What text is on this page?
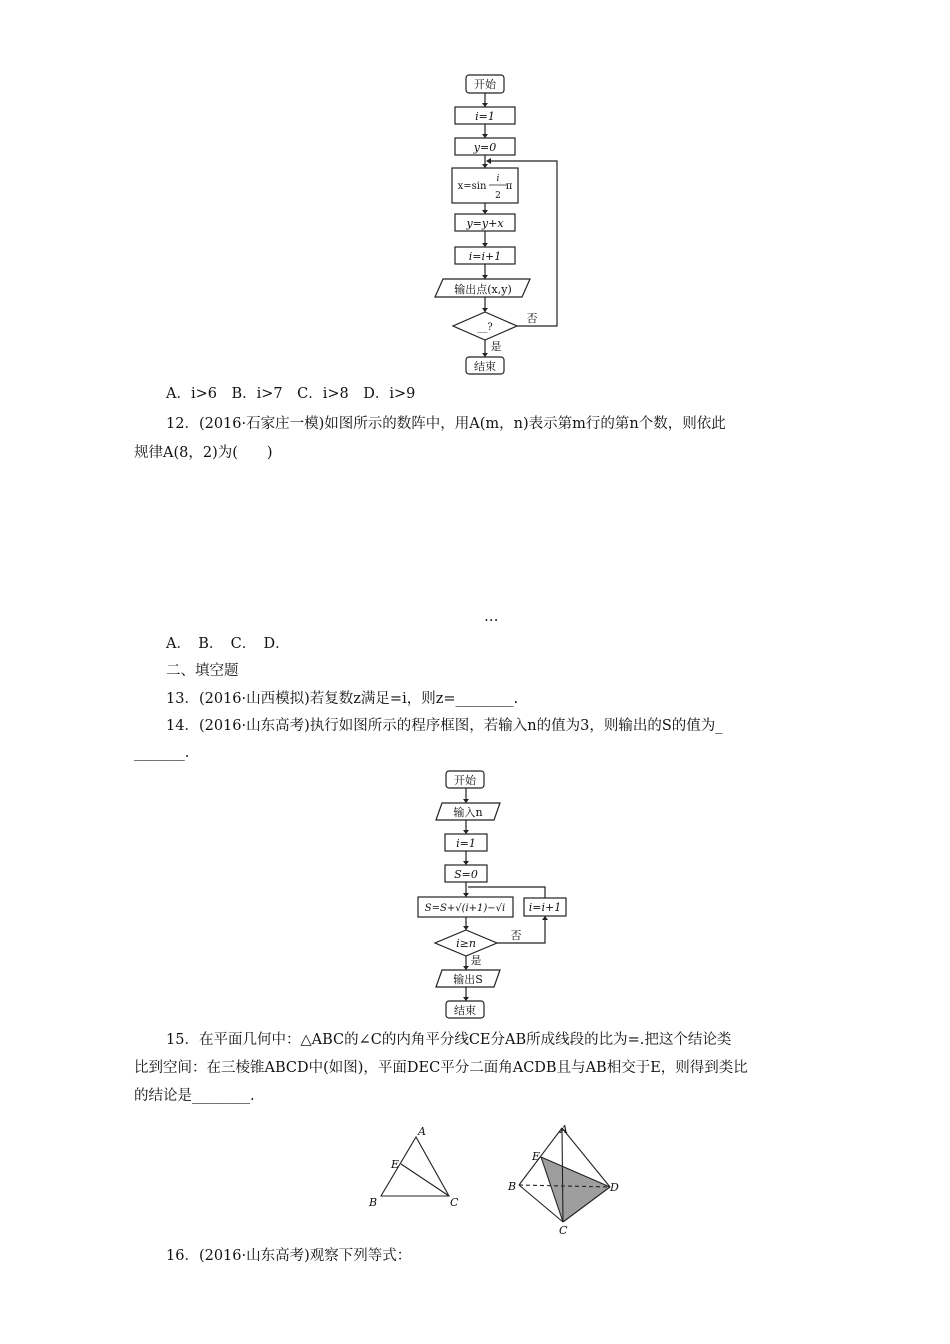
开始
i=1
y=0
x=sin
i
2
π
y=y+x
i=i+1
输出点(x,y)
__?
否
是
结束
A．i>6　B．i>7　C．i>8　D．i>9
12．(2016·石家庄一模)如图所示的数阵中，用A(m，n)表示第m行的第n个数，则依此
规律A(8，2)为(　　)
…
A．　B．　C．　D．
二、填空题
13．(2016·山西模拟)若复数z满足=i，则z=________.
14．(2016·山东高考)执行如图所示的程序框图，若输入n的值为3，则输出的S的值为_
_______.
开始
输入n
i=1
S=0
S=S+√(i+1)−√i i=i+1
i≥n
否
是
输出S
结束
15．在平面几何中：△ABC的∠C的内角平分线CE分AB所成线段的比为=.把这个结论类
比到空间：在三棱锥ABCD中(如图)，平面DEC平分二面角ACDB且与AB相交于E，则得到类比
的结论是________.
A
E
B	C
A
E
B	D
C
16．(2016·山东高考)观察下列等式：
